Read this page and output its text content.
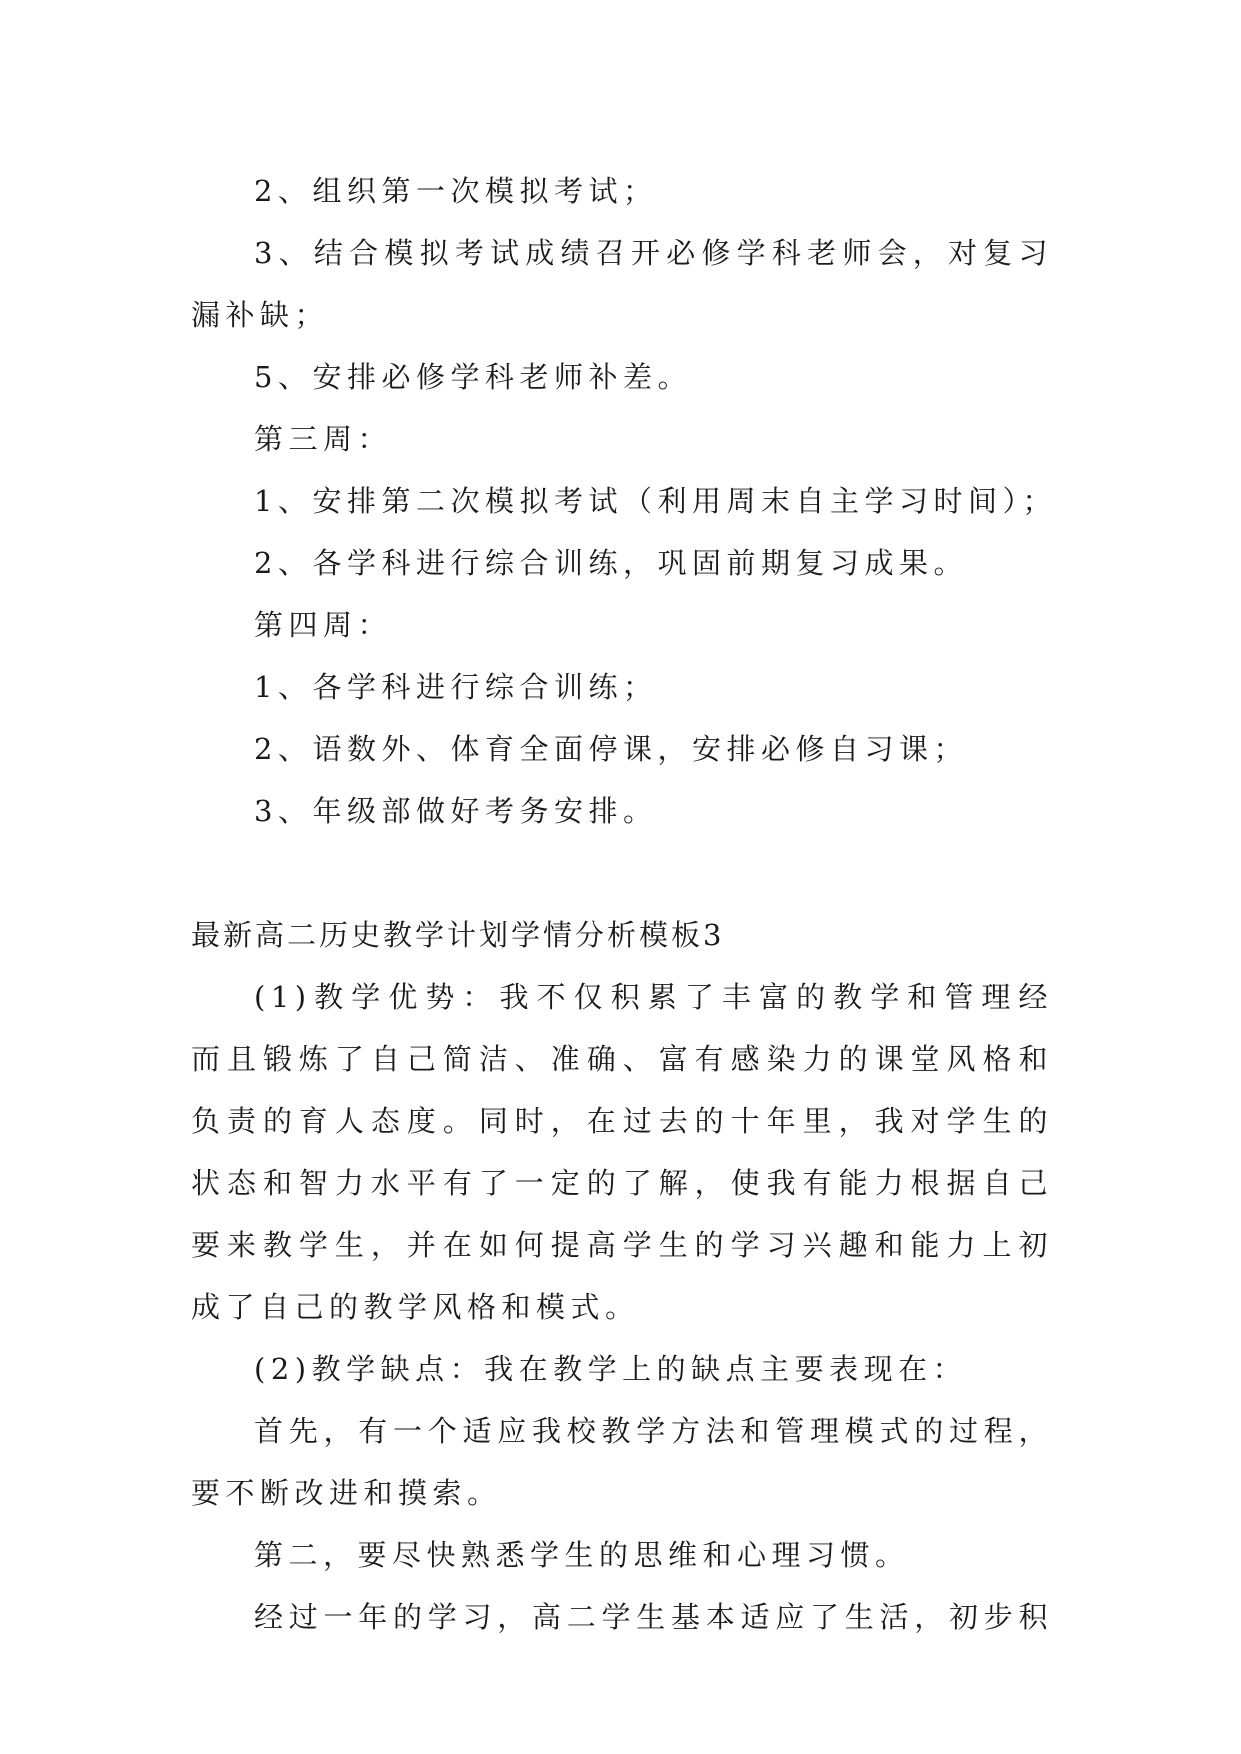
2、组织第一次模拟考试；
3、结合模拟考试成绩召开必修学科老师会，对复习
漏补缺；
5、安排必修学科老师补差。
第三周：
1、安排第二次模拟考试（利用周末自主学习时间）；
2、各学科进行综合训练，巩固前期复习成果。
第四周：
1、各学科进行综合训练；
2、语数外、体育全面停课，安排必修自习课；
3、年级部做好考务安排。
最新高二历史教学计划学情分析模板3
(1)教学优势：我不仅积累了丰富的教学和管理经
而且锻炼了自己简洁、准确、富有感染力的课堂风格和
负责的育人态度。同时，在过去的十年里，我对学生的
状态和智力水平有了一定的了解，使我有能力根据自己
要来教学生，并在如何提高学生的学习兴趣和能力上初
成了自己的教学风格和模式。
(2)教学缺点：我在教学上的缺点主要表现在：
首先，有一个适应我校教学方法和管理模式的过程，
要不断改进和摸索。
第二，要尽快熟悉学生的思维和心理习惯。
经过一年的学习，高二学生基本适应了生活，初步积
